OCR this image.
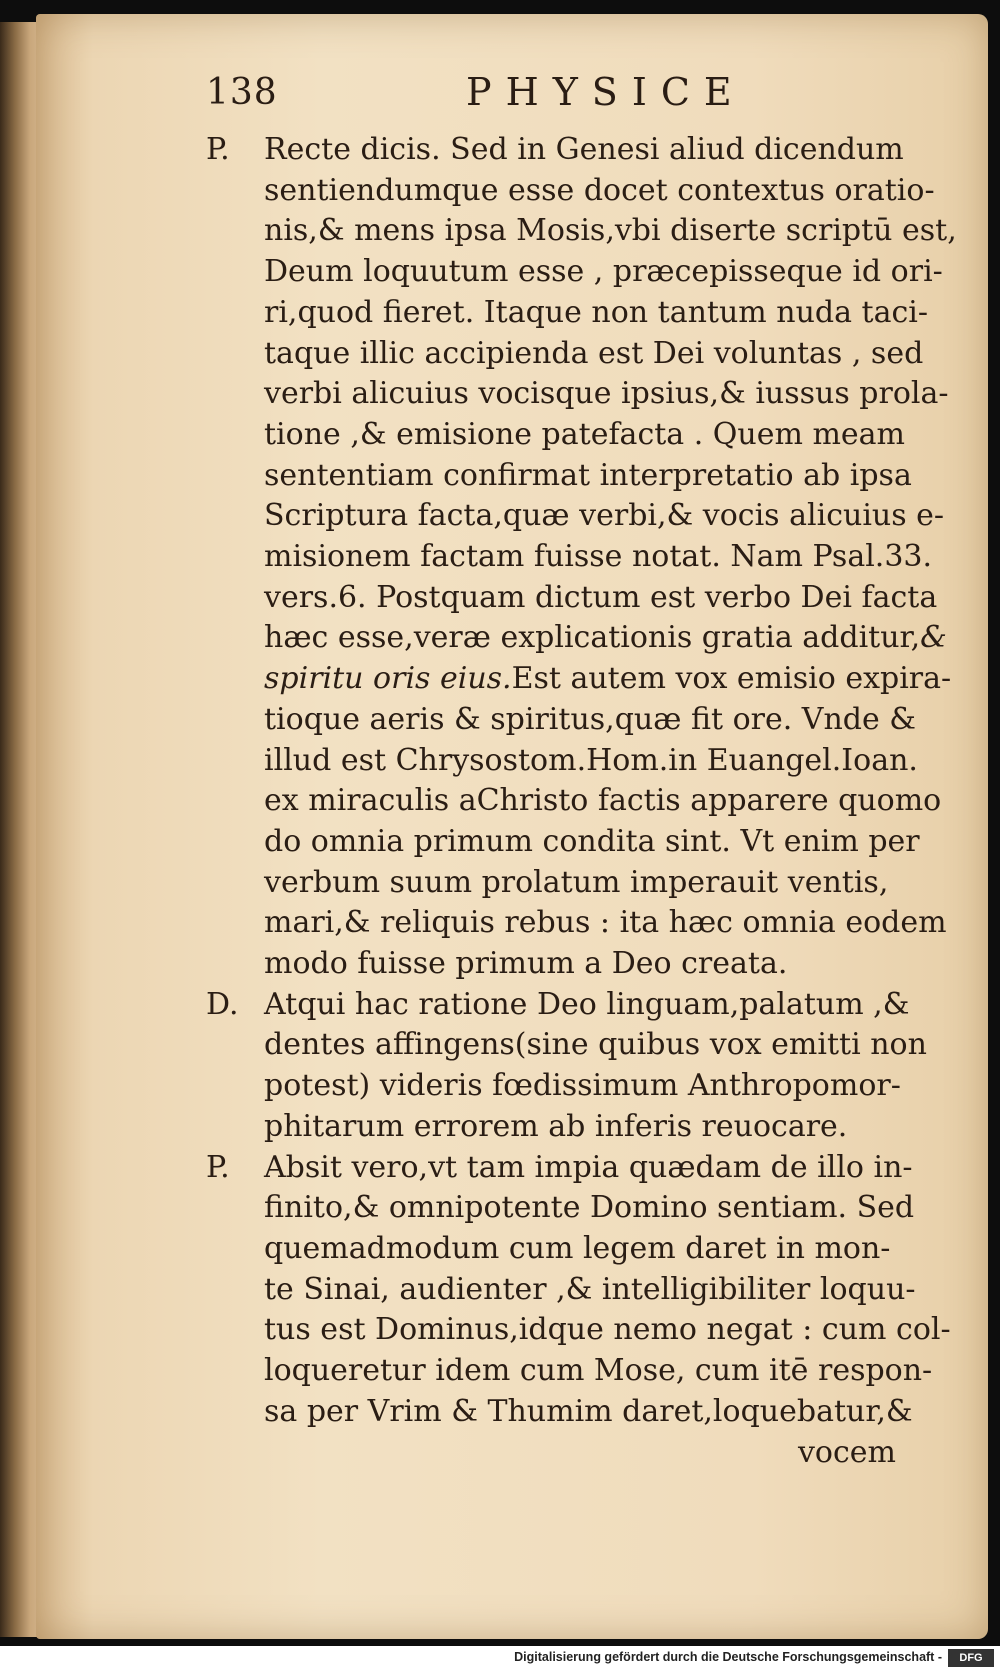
138	PHYSICE
P. Recte dicis. Sed in Genesi aliud dicendum
sentiendumque esse docet contextus oratio-
nis,& mens ipsa Mosis,vbi diserte scriptū est,
Deum loquutum esse , præcepisseque id ori-
ri,quod fieret. Itaque non tantum nuda taci-
taque illic accipienda est Dei voluntas , sed
verbi alicuius vocisque ipsius,& iussus prola-
tione ,& emisione patefacta . Quem meam
sententiam confirmat interpretatio ab ipsa
Scriptura facta,quæ verbi,& vocis alicuius e-
misionem factam fuisse notat. Nam Psal.33.
vers.6. Postquam dictum est verbo Dei facta
hæc esse,veræ explicationis gratia additur,&
spiritu oris eius.Est autem vox emisio expira-
tioque aeris & spiritus,quæ fit ore. Vnde &
illud est Chrysostom.Hom.in Euangel.Ioan.
ex miraculis aChristo factis apparere quomo
do omnia primum condita sint. Vt enim per
verbum suum prolatum imperauit ventis,
mari,& reliquis rebus : ita hæc omnia eodem
modo fuisse primum a Deo creata.
D. Atqui hac ratione Deo linguam,palatum ,&
dentes affingens(sine quibus vox emitti non
potest) videris fœdissimum Anthropomor-
phitarum errorem ab inferis reuocare.
P. Absit vero,vt tam impia quædam de illo in-
finito,& omnipotente Domino sentiam. Sed
quemadmodum cum legem daret in mon-
te Sinai, audienter ,& intelligibiliter loquu-
tus est Dominus,idque nemo negat : cum col-
loqueretur idem cum Mose, cum itē respon-
sa per Vrim & Thumim daret,loquebatur,&
vocem
Digitalisierung gefördert durch die Deutsche Forschungsgemeinschaft -	DFG
